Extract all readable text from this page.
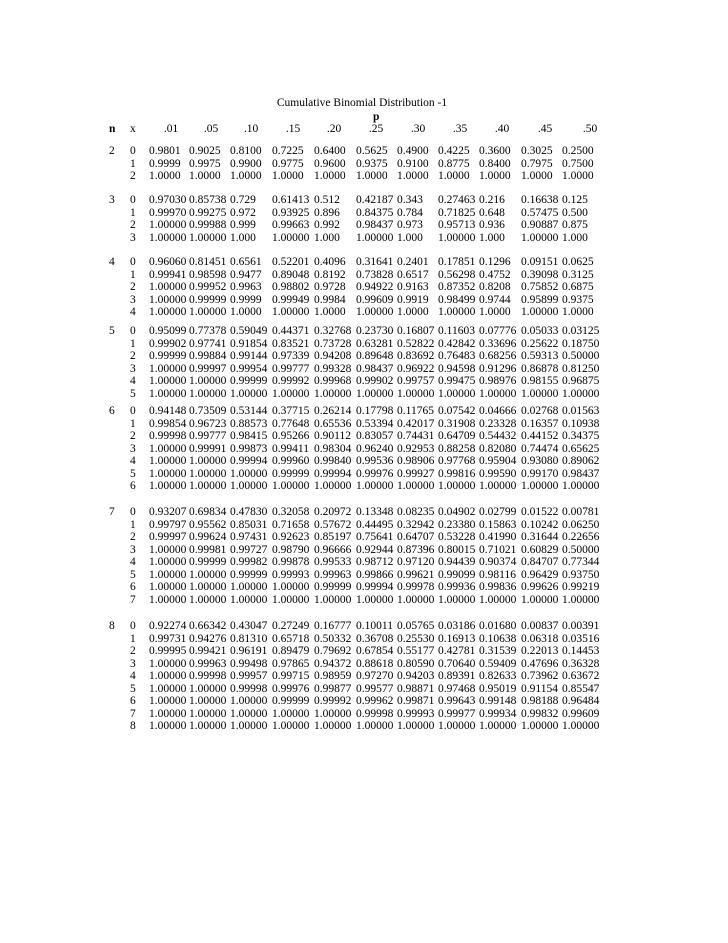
Cumulative Binomial Distribution -1
p
n x .01 .05 .10 .15 .20 .25 .30 .35 .40 .45	.50
2 0 0.9801 0.9025 0.8100 0.7225 0.6400 0.5625 0.4900 0.4225 0.3600 0.3025 0.2500
1 0.9999 0.9975 0.9900 0.9775 0.9600 0.9375 0.9100 0.8775 0.8400 0.7975 0.7500
2 1.0000 1.0000 1.0000 1.0000 1.0000 1.0000 1.0000 1.0000 1.0000 1.0000 1.0000
3 0 0.97030 0.85738 0.729 0.61413 0.512 0.42187 0.343 0.27463 0.216 0.16638 0.125
1 0.99970 0.99275 0.972 0.93925 0.896 0.84375 0.784 0.71825 0.648 0.57475 0.500
2 1.00000 0.99988 0.999 0.99663 0.992 0.98437 0.973 0.95713 0.936 0.90887 0.875
3 1.00000 1.00000 1.000 1.00000 1.000 1.00000 1.000 1.00000 1.000 1.00000 1.000
4 0 0.96060 0.81451 0.6561 0.52201 0.4096 0.31641 0.2401 0.17851 0.1296 0.09151 0.0625
1 0.99941 0.98598 0.9477 0.89048 0.8192 0.73828 0.6517 0.56298 0.4752 0.39098 0.3125
2 1.00000 0.99952 0.9963 0.98802 0.9728 0.94922 0.9163 0.87352 0.8208 0.75852 0.6875
3 1.00000 0.99999 0.9999 0.99949 0.9984 0.99609 0.9919 0.98499 0.9744 0.95899 0.9375
4 1.00000 1.00000 1.0000 1.00000 1.0000 1.00000 1.0000 1.00000 1.0000 1.00000 1.0000
5 0 0.95099 0.77378 0.59049 0.44371 0.32768 0.23730 0.16807 0.11603 0.07776 0.05033 0.03125
1 0.99902 0.97741 0.91854 0.83521 0.73728 0.63281 0.52822 0.42842 0.33696 0.25622 0.18750
2 0.99999 0.99884 0.99144 0.97339 0.94208 0.89648 0.83692 0.76483 0.68256 0.59313 0.50000
3 1.00000 0.99997 0.99954 0.99777 0.99328 0.98437 0.96922 0.94598 0.91296 0.86878 0.81250
4 1.00000 1.00000 0.99999 0.99992 0.99968 0.99902 0.99757 0.99475 0.98976 0.98155 0.96875
5 1.00000 1.00000 1.00000 1.00000 1.00000 1.00000 1.00000 1.00000 1.00000 1.00000 1.00000
6 0 0.94148 0.73509 0.53144 0.37715 0.26214 0.17798 0.11765 0.07542 0.04666 0.02768 0.01563
1 0.99854 0.96723 0.88573 0.77648 0.65536 0.53394 0.42017 0.31908 0.23328 0.16357 0.10938
2 0.99998 0.99777 0.98415 0.95266 0.90112 0.83057 0.74431 0.64709 0.54432 0.44152 0.34375
3 1.00000 0.99991 0.99873 0.99411 0.98304 0.96240 0.92953 0.88258 0.82080 0.74474 0.65625
4 1.00000 1.00000 0.99994 0.99960 0.99840 0.99536 0.98906 0.97768 0.95904 0.93080 0.89062
5 1.00000 1.00000 1.00000 0.99999 0.99994 0.99976 0.99927 0.99816 0.99590 0.99170 0.98437
6 1.00000 1.00000 1.00000 1.00000 1.00000 1.00000 1.00000 1.00000 1.00000 1.00000 1.00000
7 0 0.93207 0.69834 0.47830 0.32058 0.20972 0.13348 0.08235 0.04902 0.02799 0.01522 0.00781
1 0.99797 0.95562 0.85031 0.71658 0.57672 0.44495 0.32942 0.23380 0.15863 0.10242 0.06250
2 0.99997 0.99624 0.97431 0.92623 0.85197 0.75641 0.64707 0.53228 0.41990 0.31644 0.22656
3 1.00000 0.99981 0.99727 0.98790 0.96666 0.92944 0.87396 0.80015 0.71021 0.60829 0.50000
4 1.00000 0.99999 0.99982 0.99878 0.99533 0.98712 0.97120 0.94439 0.90374 0.84707 0.77344
5 1.00000 1.00000 0.99999 0.99993 0.99963 0.99866 0.99621 0.99099 0.98116 0.96429 0.93750
6 1.00000 1.00000 1.00000 1.00000 0.99999 0.99994 0.99978 0.99936 0.99836 0.99626 0.99219
7 1.00000 1.00000 1.00000 1.00000 1.00000 1.00000 1.00000 1.00000 1.00000 1.00000 1.00000
8 0 0.92274 0.66342 0.43047 0.27249 0.16777 0.10011 0.05765 0.03186 0.01680 0.00837 0.00391
1 0.99731 0.94276 0.81310 0.65718 0.50332 0.36708 0.25530 0.16913 0.10638 0.06318 0.03516
2 0.99995 0.99421 0.96191 0.89479 0.79692 0.67854 0.55177 0.42781 0.31539 0.22013 0.14453
3 1.00000 0.99963 0.99498 0.97865 0.94372 0.88618 0.80590 0.70640 0.59409 0.47696 0.36328
4 1.00000 0.99998 0.99957 0.99715 0.98959 0.97270 0.94203 0.89391 0.82633 0.73962 0.63672
5 1.00000 1.00000 0.99998 0.99976 0.99877 0.99577 0.98871 0.97468 0.95019 0.91154 0.85547
6 1.00000 1.00000 1.00000 0.99999 0.99992 0.99962 0.99871 0.99643 0.99148 0.98188 0.96484
7 1.00000 1.00000 1.00000 1.00000 1.00000 0.99998 0.99993 0.99977 0.99934 0.99832 0.99609
8 1.00000 1.00000 1.00000 1.00000 1.00000 1.00000 1.00000 1.00000 1.00000 1.00000 1.00000
